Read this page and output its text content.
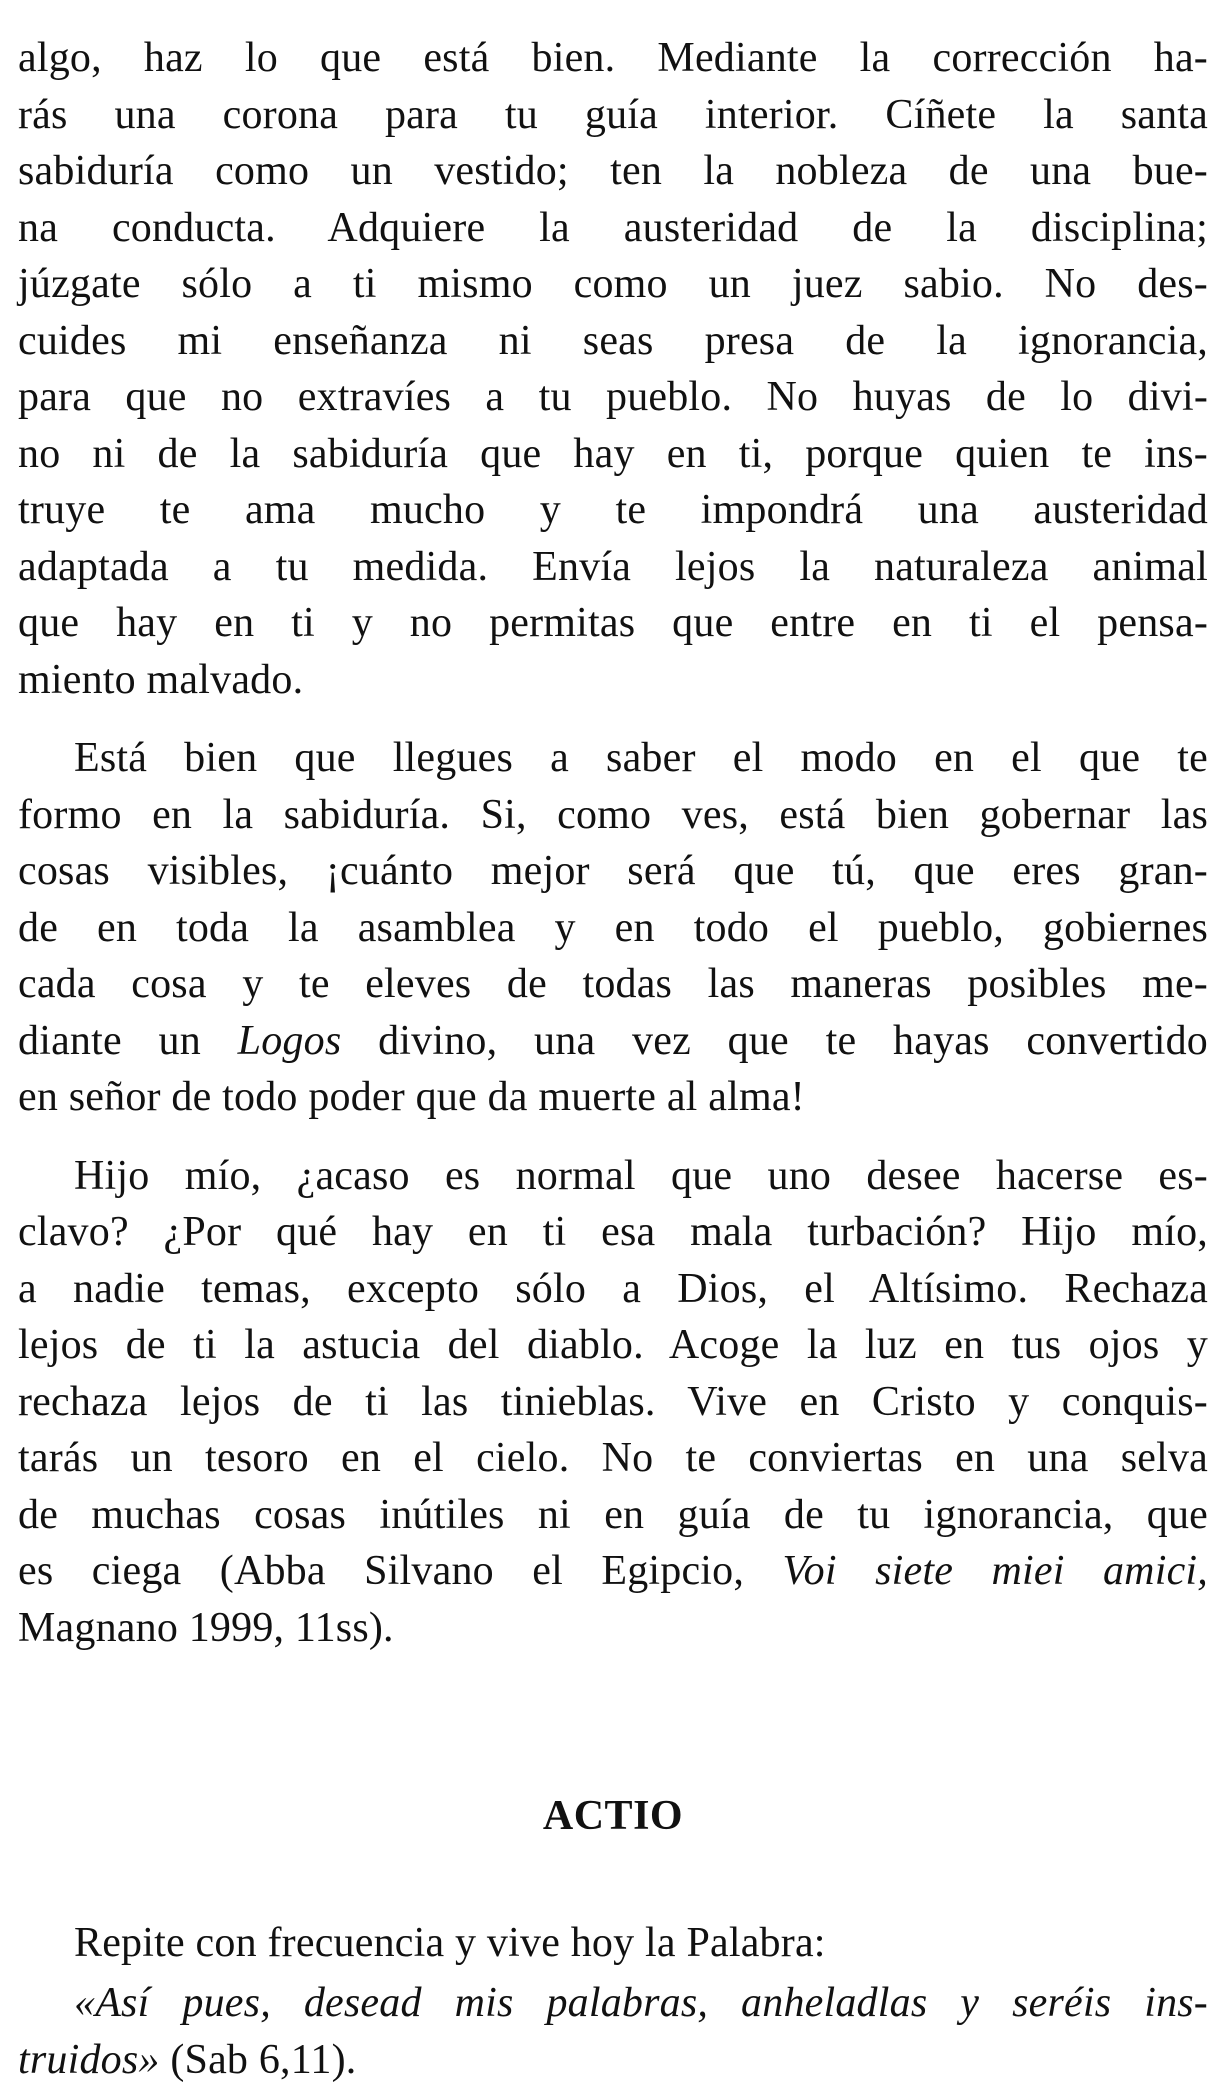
algo, haz lo que está bien. Mediante la corrección ha-
rás una corona para tu guía interior. Cíñete la santa
sabiduría como un vestido; ten la nobleza de una bue-
na conducta. Adquiere la austeridad de la disciplina;
júzgate sólo a ti mismo como un juez sabio. No des-
cuides mi enseñanza ni seas presa de la ignorancia,
para que no extravíes a tu pueblo. No huyas de lo divi-
no ni de la sabiduría que hay en ti, porque quien te ins-
truye te ama mucho y te impondrá una austeridad
adaptada a tu medida. Envía lejos la naturaleza animal
que hay en ti y no permitas que entre en ti el pensa-
miento malvado.
Está bien que llegues a saber el modo en el que te
formo en la sabiduría. Si, como ves, está bien gobernar las
cosas visibles, ¡cuánto mejor será que tú, que eres gran-
de en toda la asamblea y en todo el pueblo, gobiernes
cada cosa y te eleves de todas las maneras posibles me-
diante un Logos divino, una vez que te hayas convertido
en señor de todo poder que da muerte al alma!
Hijo mío, ¿acaso es normal que uno desee hacerse es-
clavo? ¿Por qué hay en ti esa mala turbación? Hijo mío,
a nadie temas, excepto sólo a Dios, el Altísimo. Rechaza
lejos de ti la astucia del diablo. Acoge la luz en tus ojos y
rechaza lejos de ti las tinieblas. Vive en Cristo y conquis-
tarás un tesoro en el cielo. No te conviertas en una selva
de muchas cosas inútiles ni en guía de tu ignorancia, que
es ciega (Abba Silvano el Egipcio, Voi siete miei amici,
Magnano 1999, 11ss).
ACTIO
Repite con frecuencia y vive hoy la Palabra:
«Así pues, desead mis palabras, anheladlas y seréis ins-
truidos» (Sab 6,11).
